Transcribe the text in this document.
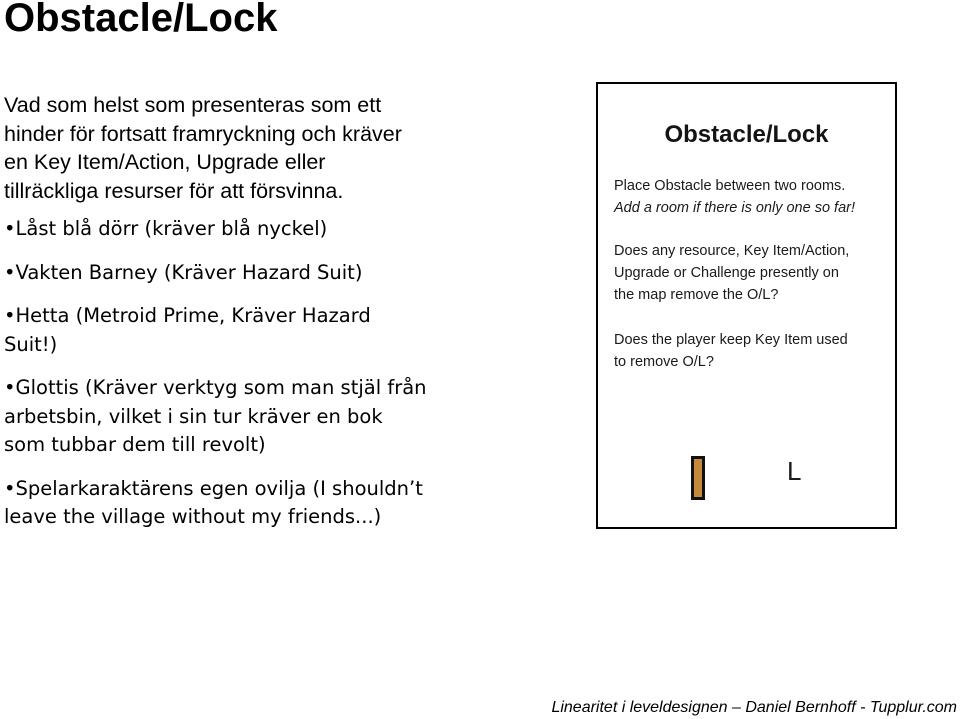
Obstacle/Lock
Vad som helst som presenteras som ett
hinder för fortsatt framryckning och kräver
en Key Item/Action, Upgrade eller
tillräckliga resurser för att försvinna.
•Låst blå dörr (kräver blå nyckel)
•Vakten Barney (Kräver Hazard Suit)
•Hetta (Metroid Prime, Kräver Hazard
Suit!)
•Glottis (Kräver verktyg som man stjäl från
arbetsbin, vilket i sin tur kräver en bok
som tubbar dem till revolt)
•Spelarkaraktärens egen ovilja (I shouldn’t
leave the village without my friends...)
Obstacle/Lock
Place Obstacle between two rooms.
Add a room if there is only one so far!
Does any resource, Key Item/Action,
Upgrade or Challenge presently on
the map remove the O/L?
Does the player keep Key Item used
to remove O/L?
L
Linearitet i leveldesignen – Daniel Bernhoff - Tupplur.com
